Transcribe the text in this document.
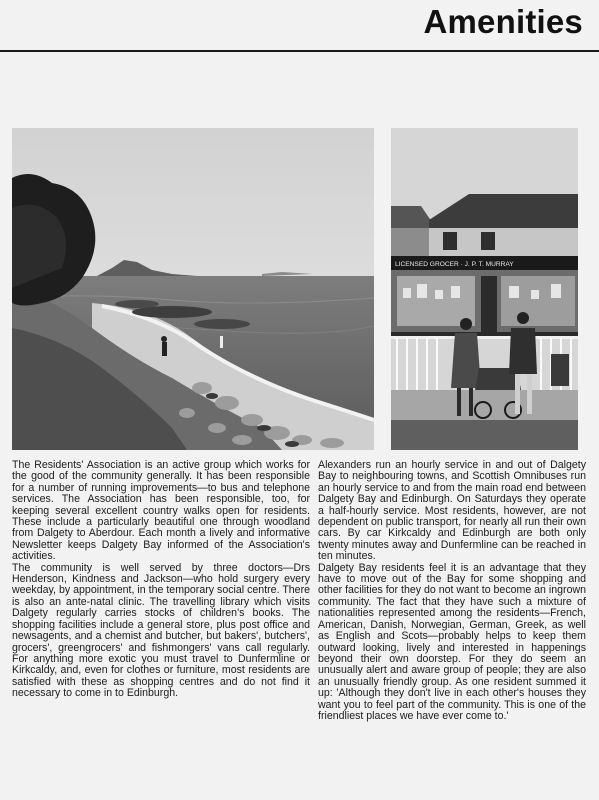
Amenities
LICENSED GROCER · J. P. T. MURRAY

The Residents' Association is an active group which works for the good of the community generally. It has been responsible for a number of running improvements—to bus and telephone services. The Association has been responsible, too, for keeping several excellent country walks open for residents. These include a particularly beautiful one through woodland from Dalgety to Aberdour. Each month a lively and informative Newsletter keeps Dalgety Bay informed of the Association's activities.

The community is well served by three doctors—Drs Henderson, Kindness and Jackson—who hold surgery every weekday, by appointment, in the temporary social centre. There is also an ante-natal clinic. The travelling library which visits Dalgety regularly carries stocks of children's books. The shopping facilities include a general store, plus post office and newsagents, and a chemist and butcher, but bakers', butchers', grocers', greengrocers' and fishmongers' vans call regularly. For anything more exotic you must travel to Dunfermline or Kirkcaldy, and, even for clothes or furniture, most residents are satisfied with these as shopping centres and do not find it necessary to come in to Edinburgh.

Alexanders run an hourly service in and out of Dalgety Bay to neighbouring towns, and Scottish Omnibuses run an hourly service to and from the main road end between Dalgety Bay and Edinburgh. On Saturdays they operate a half-hourly service. Most residents, however, are not dependent on public transport, for nearly all run their own cars. By car Kirkcaldy and Edinburgh are both only twenty minutes away and Dunfermline can be reached in ten minutes.

Dalgety Bay residents feel it is an advantage that they have to move out of the Bay for some shopping and other facilities for they do not want to become an ingrown community. The fact that they have such a mixture of nationalities represented among the residents—French, American, Danish, Norwegian, German, Greek, as well as English and Scots—probably helps to keep them outward looking, lively and interested in happenings beyond their own doorstep. For they do seem an unusually alert and aware group of people; they are also an unusually friendly group. As one resident summed it up: 'Although they don't live in each other's houses they want you to feel part of the community. This is one of the friendliest places we have ever come to.'
